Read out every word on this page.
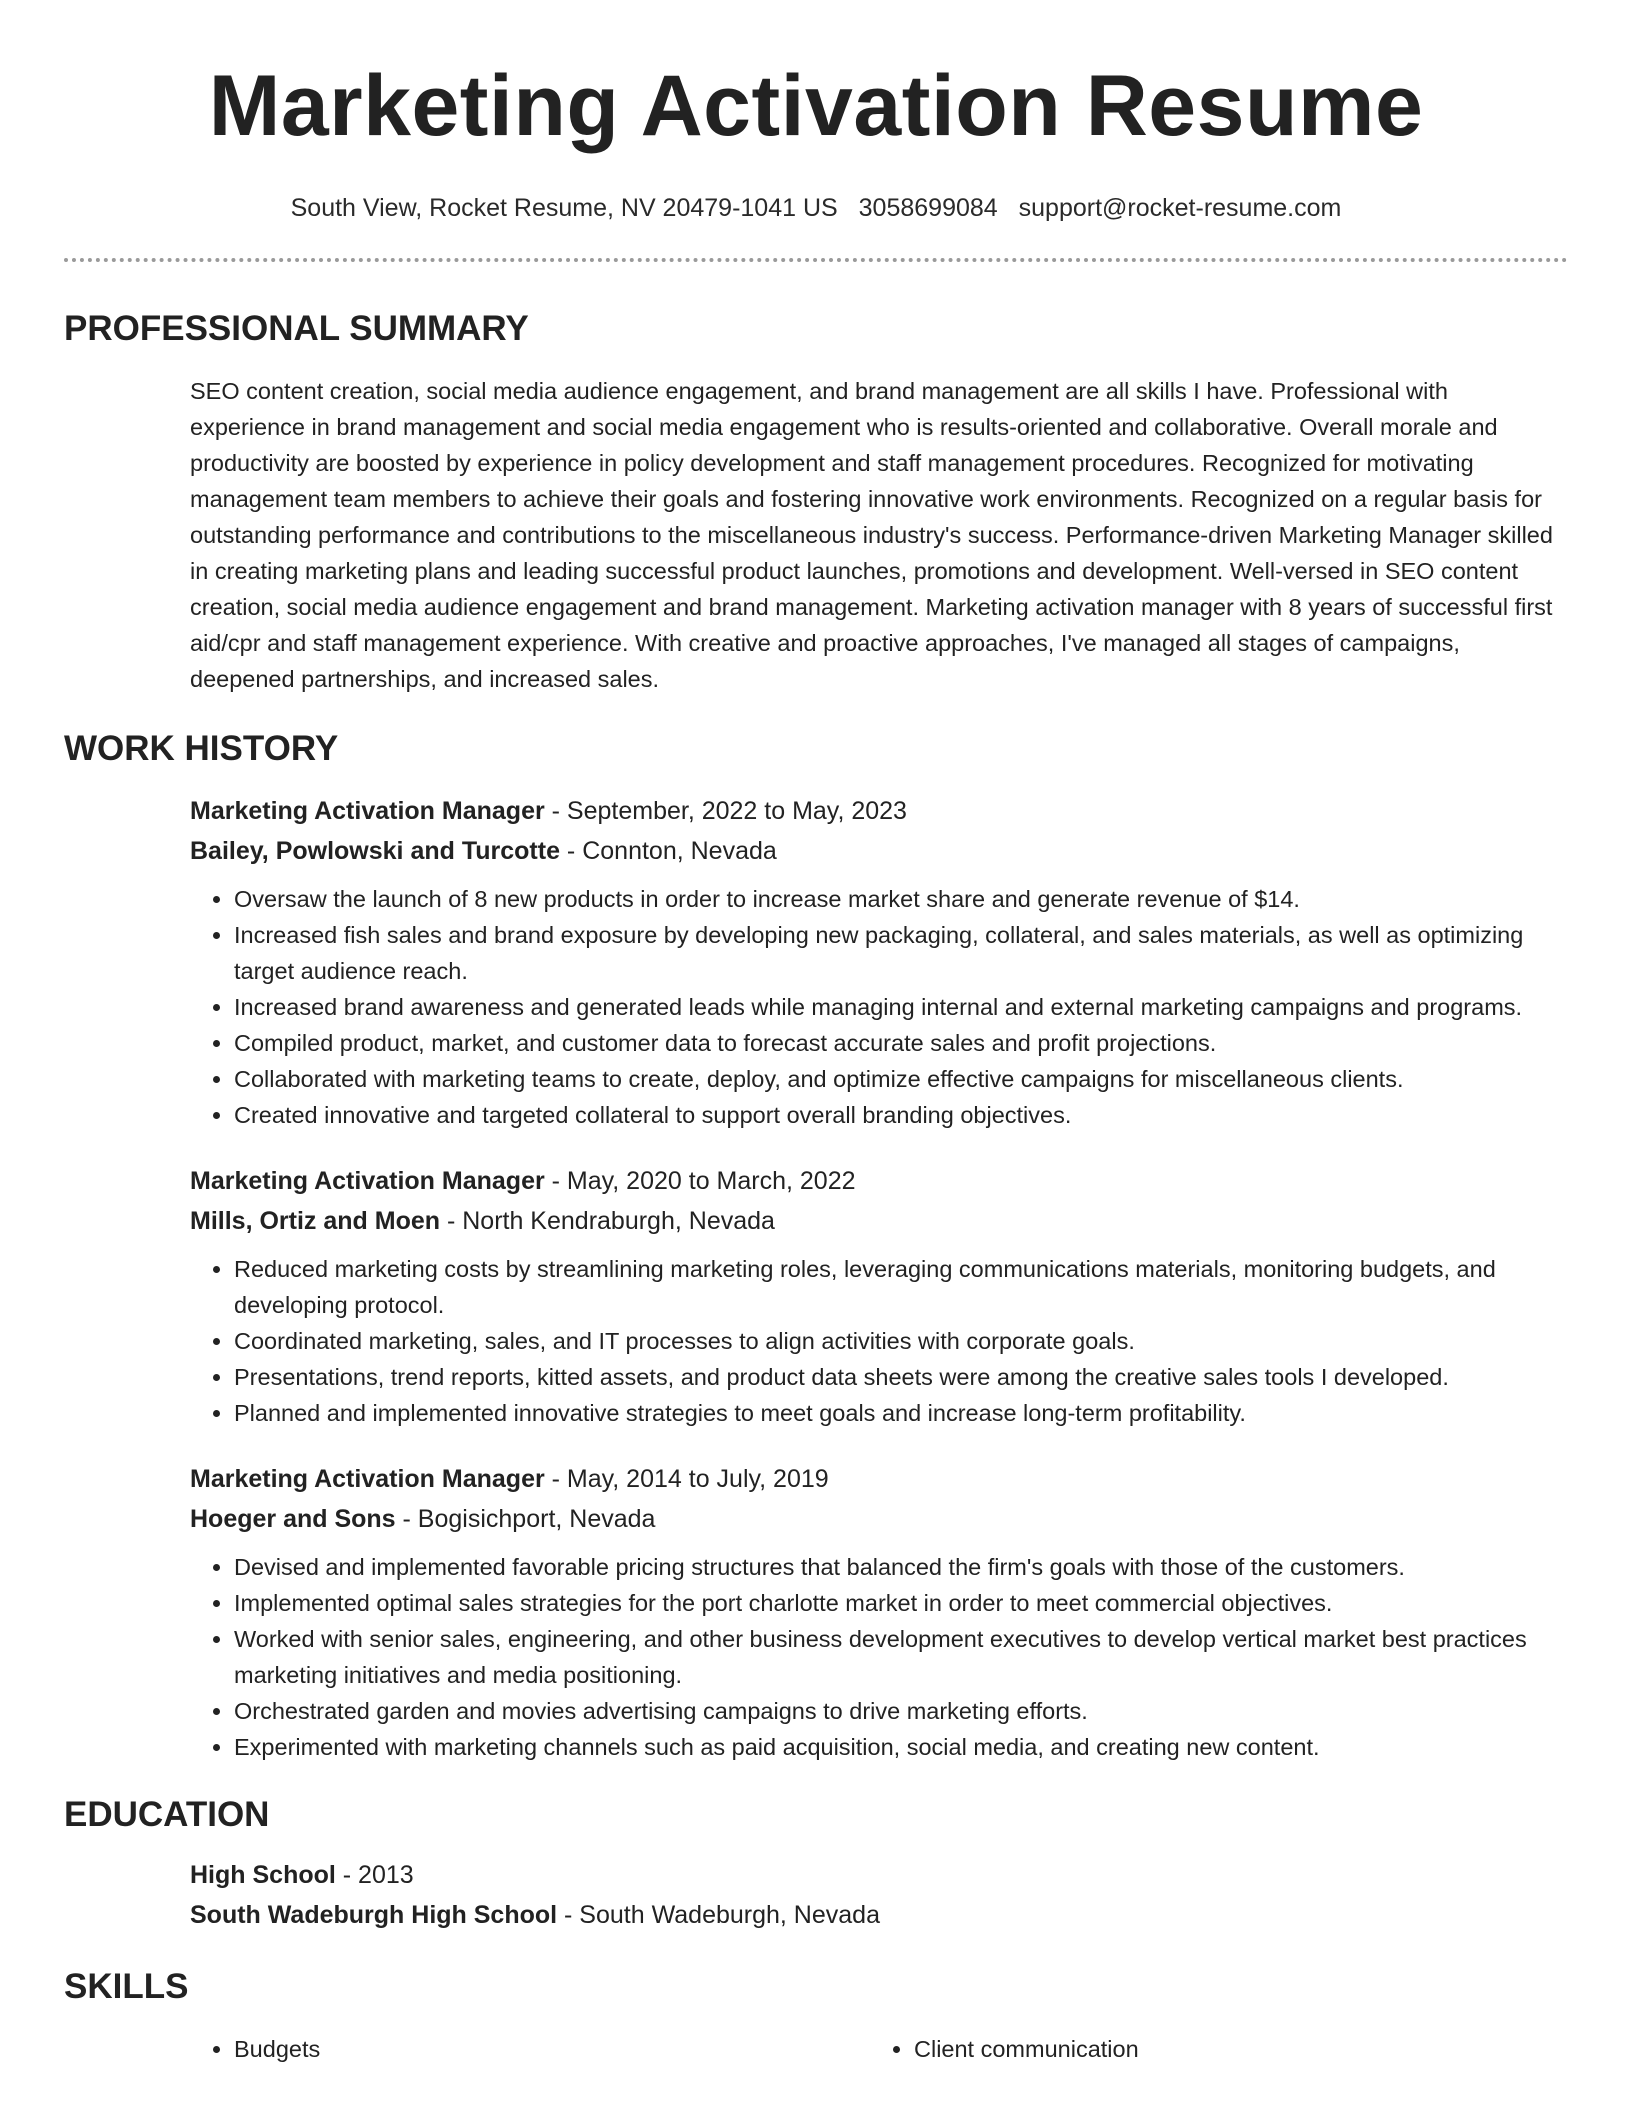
Marketing Activation Resume
South View, Rocket Resume, NV 20479-1041 US 3058699084 support@rocket-resume.com
PROFESSIONAL SUMMARY

SEO content creation, social media audience engagement, and brand management are all skills I have. Professional with experience in brand management and social media engagement who is results-oriented and collaborative. Overall morale and productivity are boosted by experience in policy development and staff management procedures. Recognized for motivating management team members to achieve their goals and fostering innovative work environments. Recognized on a regular basis for outstanding performance and contributions to the miscellaneous industry's success. Performance-driven Marketing Manager skilled in creating marketing plans and leading successful product launches, promotions and development. Well-versed in SEO content creation, social media audience engagement and brand management. Marketing activation manager with 8 years of successful first aid/cpr and staff management experience. With creative and proactive approaches, I've managed all stages of campaigns, deepened partnerships, and increased sales.

WORK HISTORY
Marketing Activation Manager - September, 2022 to May, 2023
Bailey, Powlowski and Turcotte - Connton, Nevada
• Oversaw the launch of 8 new products in order to increase market share and generate revenue of $14.
• Increased fish sales and brand exposure by developing new packaging, collateral, and sales materials, as well as optimizing target audience reach.
• Increased brand awareness and generated leads while managing internal and external marketing campaigns and programs.
• Compiled product, market, and customer data to forecast accurate sales and profit projections.
• Collaborated with marketing teams to create, deploy, and optimize effective campaigns for miscellaneous clients.
• Created innovative and targeted collateral to support overall branding objectives.
Marketing Activation Manager - May, 2020 to March, 2022
Mills, Ortiz and Moen - North Kendraburgh, Nevada
• Reduced marketing costs by streamlining marketing roles, leveraging communications materials, monitoring budgets, and developing protocol.
• Coordinated marketing, sales, and IT processes to align activities with corporate goals.
• Presentations, trend reports, kitted assets, and product data sheets were among the creative sales tools I developed.
• Planned and implemented innovative strategies to meet goals and increase long-term profitability.
Marketing Activation Manager - May, 2014 to July, 2019
Hoeger and Sons - Bogisichport, Nevada
• Devised and implemented favorable pricing structures that balanced the firm's goals with those of the customers.
• Implemented optimal sales strategies for the port charlotte market in order to meet commercial objectives.
• Worked with senior sales, engineering, and other business development executives to develop vertical market best practices marketing initiatives and media positioning.
• Orchestrated garden and movies advertising campaigns to drive marketing efforts.
• Experimented with marketing channels such as paid acquisition, social media, and creating new content.
EDUCATION
High School - 2013
South Wadeburgh High School - South Wadeburgh, Nevada
SKILLS
• Budgets
•	Client communication
